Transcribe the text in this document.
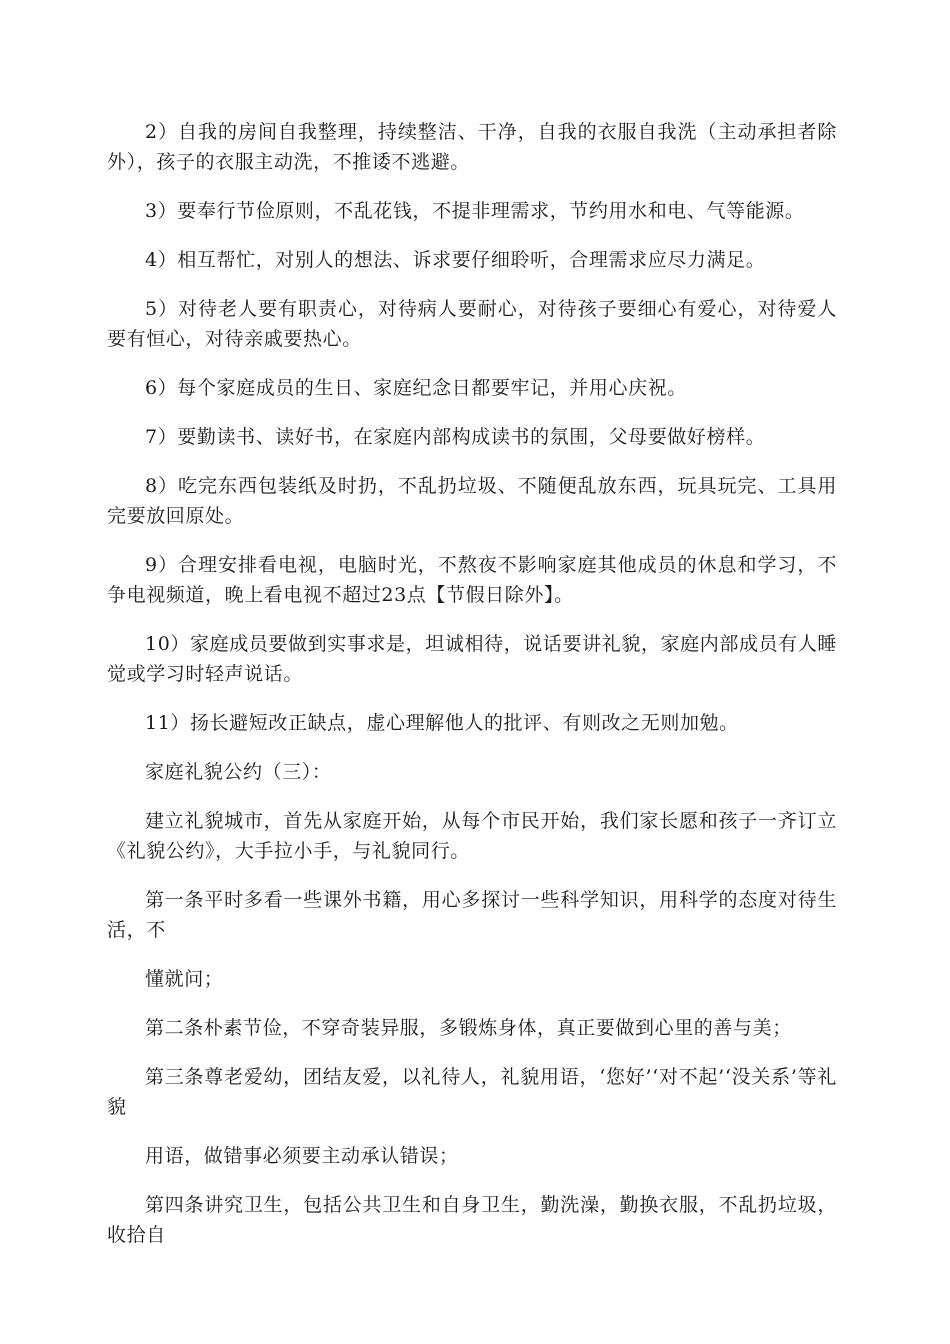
2）自我的房间自我整理，持续整洁、干净，自我的衣服自我洗（主动承担者除外），孩子的衣服主动洗，不推诿不逃避。

3）要奉行节俭原则，不乱花钱，不提非理需求，节约用水和电、气等能源。

4）相互帮忙，对别人的想法、诉求要仔细聆听，合理需求应尽力满足。

5）对待老人要有职责心，对待病人要耐心，对待孩子要细心有爱心，对待爱人要有恒心，对待亲戚要热心。

6）每个家庭成员的生日、家庭纪念日都要牢记，并用心庆祝。

7）要勤读书、读好书，在家庭内部构成读书的氛围，父母要做好榜样。

8）吃完东西包装纸及时扔，不乱扔垃圾、不随便乱放东西，玩具玩完、工具用完要放回原处。

9）合理安排看电视，电脑时光，不熬夜不影响家庭其他成员的休息和学习，不争电视频道，晚上看电视不超过23点【节假日除外】。

10）家庭成员要做到实事求是，坦诚相待，说话要讲礼貌，家庭内部成员有人睡觉或学习时轻声说话。

11）扬长避短改正缺点，虚心理解他人的批评、有则改之无则加勉。

家庭礼貌公约（三）：

建立礼貌城市，首先从家庭开始，从每个市民开始，我们家长愿和孩子一齐订立《礼貌公约》，大手拉小手，与礼貌同行。

第一条平时多看一些课外书籍，用心多探讨一些科学知识，用科学的态度对待生活，不

懂就问；

第二条朴素节俭，不穿奇装异服，多锻炼身体，真正要做到心里的善与美；

第三条尊老爱幼，团结友爱，以礼待人，礼貌用语，‘您好’‘对不起’‘没关系’等礼貌

用语，做错事必须要主动承认错误；

第四条讲究卫生，包括公共卫生和自身卫生，勤洗澡，勤换衣服，不乱扔垃圾，收拾自
